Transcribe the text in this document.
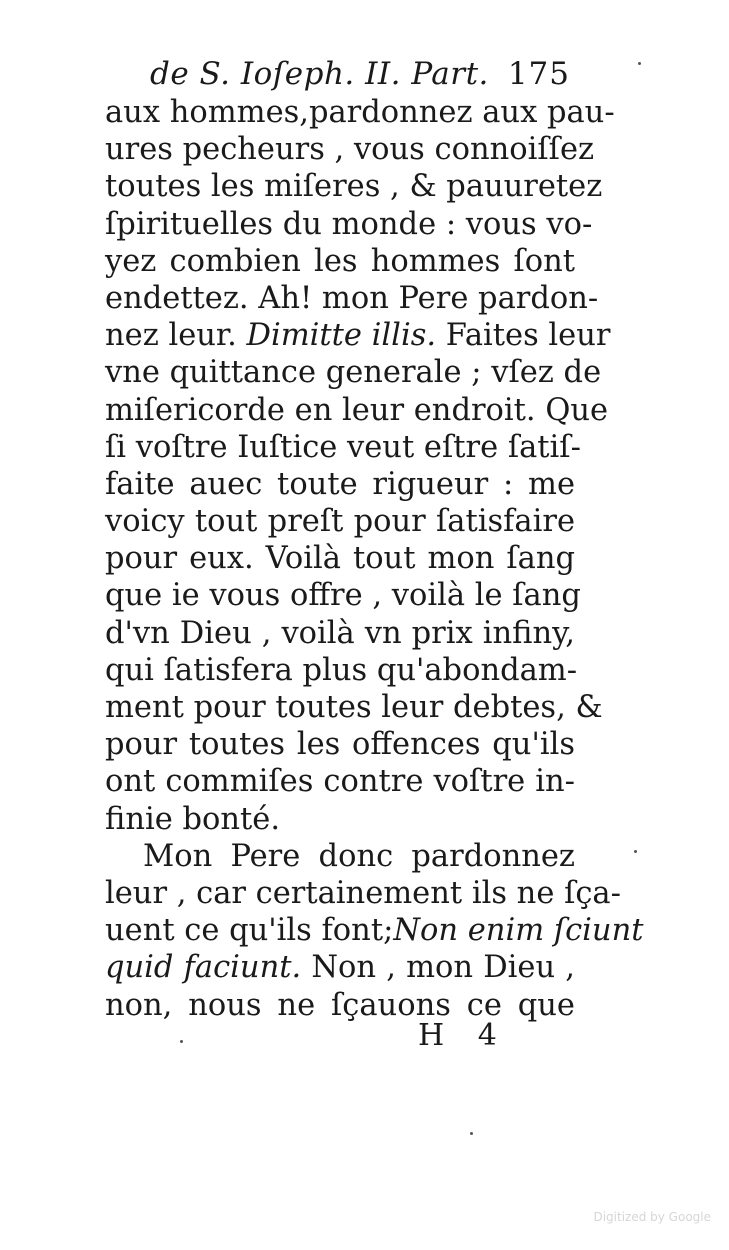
de S. Ioſeph. II. Part. 175
aux hommes,pardonnez aux pau-
ures pecheurs , vous connoiſſez
toutes les miſeres , & pauuretez
ſpirituelles du monde : vous vo-
yez combien les hommes ſont
endettez. Ah! mon Pere pardon-
nez leur. Dimitte illis. Faites leur
vne quittance generale ; vſez de
miſericorde en leur endroit. Que
ſi voſtre Iuſtice veut eſtre ſatiſ-
faite auec toute rigueur : me
voicy tout preſt pour ſatisfaire
pour eux. Voilà tout mon ſang
que ie vous offre , voilà le ſang
d'vn Dieu , voilà vn prix infiny,
qui ſatisfera plus qu'abondam-
ment pour toutes leur debtes, &
pour toutes les offences qu'ils
ont commiſes contre voſtre in-
finie bonté.
Mon Pere donc pardonnez
leur , car certainement ils ne ſça-
uent ce qu'ils font;Non enim ſciunt
quid faciunt. Non , mon Dieu ,
non, nous ne ſçauons ce que
H 4
Digitized by Google
